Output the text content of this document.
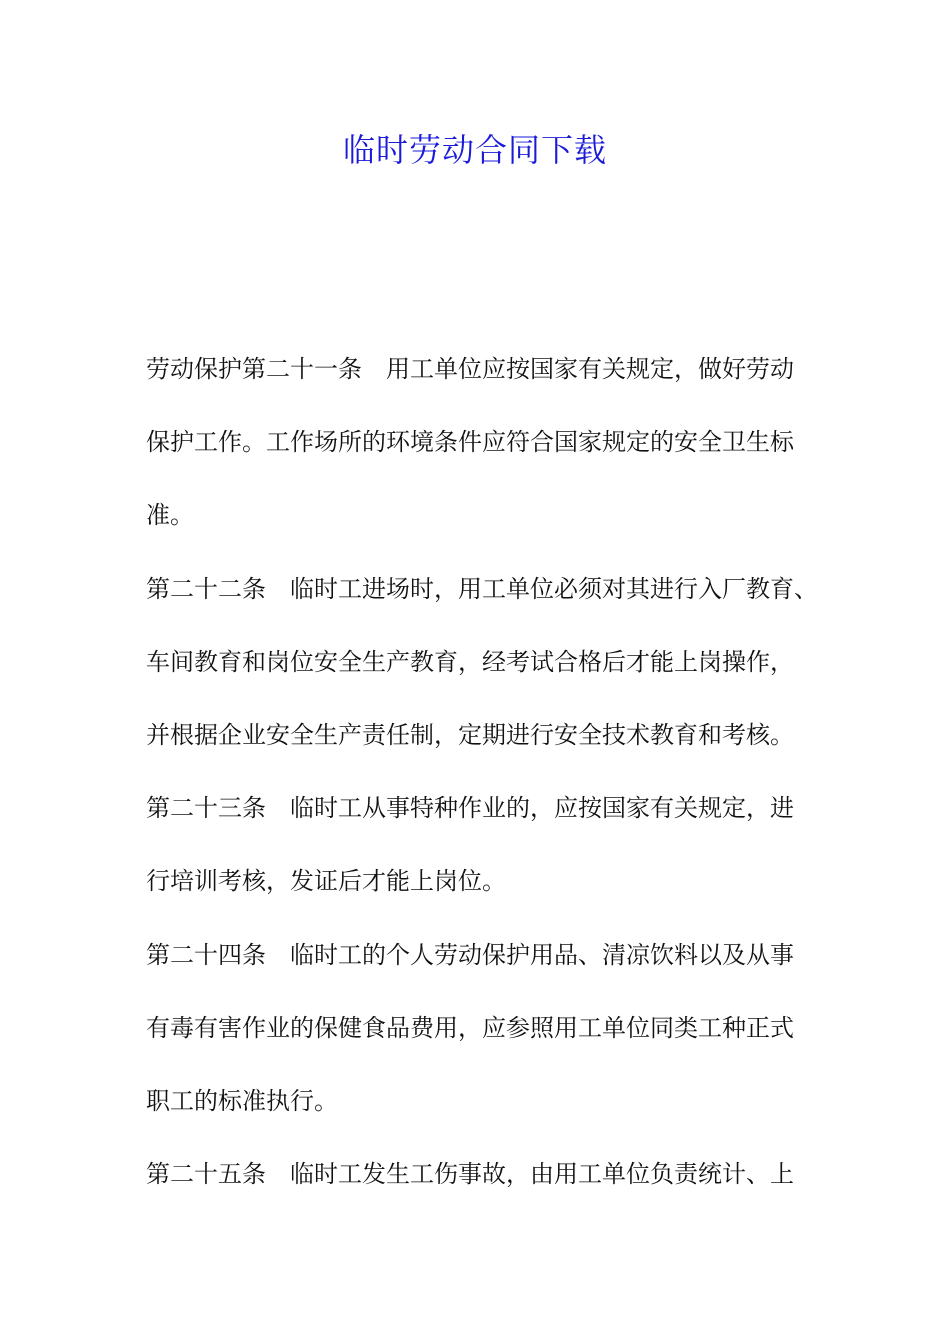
临时劳动合同下载
劳动保护第二十一条　用工单位应按国家有关规定，做好劳动
保护工作。工作场所的环境条件应符合国家规定的安全卫生标
准。
第二十二条　临时工进场时，用工单位必须对其进行入厂教育、
车间教育和岗位安全生产教育，经考试合格后才能上岗操作，
并根据企业安全生产责任制，定期进行安全技术教育和考核。
第二十三条　临时工从事特种作业的，应按国家有关规定，进
行培训考核，发证后才能上岗位。
第二十四条　临时工的个人劳动保护用品、清凉饮料以及从事
有毒有害作业的保健食品费用，应参照用工单位同类工种正式
职工的标准执行。
第二十五条　临时工发生工伤事故，由用工单位负责统计、上
